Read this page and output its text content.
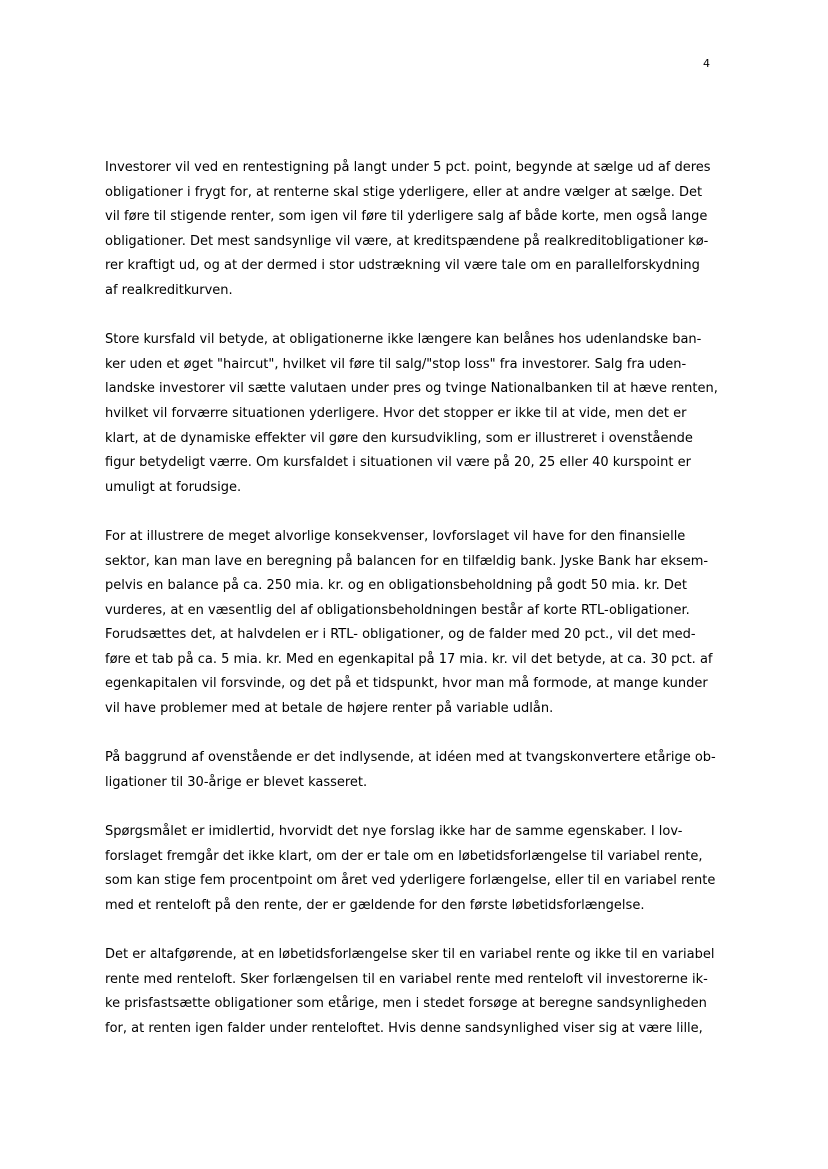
4
Investorer vil ved en rentestigning på langt under 5 pct. point, begynde at sælge ud af deres
obligationer i frygt for, at renterne skal stige yderligere, eller at andre vælger at sælge. Det
vil føre til stigende renter, som igen vil føre til yderligere salg af både korte, men også lange
obligationer. Det mest sandsynlige vil være, at kreditspændene på realkreditobligationer kø-
rer kraftigt ud, og at der dermed i stor udstrækning vil være tale om en parallelforskydning
af realkreditkurven.
Store kursfald vil betyde, at obligationerne ikke længere kan belånes hos udenlandske ban-
ker uden et øget "haircut", hvilket vil føre til salg/"stop loss" fra investorer. Salg fra uden-
landske investorer vil sætte valutaen under pres og tvinge Nationalbanken til at hæve renten,
hvilket vil forværre situationen yderligere. Hvor det stopper er ikke til at vide, men det er
klart, at de dynamiske effekter vil gøre den kursudvikling, som er illustreret i ovenstående
figur betydeligt værre. Om kursfaldet i situationen vil være på 20, 25 eller 40 kurspoint er
umuligt at forudsige.
For at illustrere de meget alvorlige konsekvenser, lovforslaget vil have for den finansielle
sektor, kan man lave en beregning på balancen for en tilfældig bank. Jyske Bank har eksem-
pelvis en balance på ca. 250 mia. kr. og en obligationsbeholdning på godt 50 mia. kr. Det
vurderes, at en væsentlig del af obligationsbeholdningen består af korte RTL-obligationer.
Forudsættes det, at halvdelen er i RTL- obligationer, og de falder med 20 pct., vil det med-
føre et tab på ca. 5 mia. kr. Med en egenkapital på 17 mia. kr. vil det betyde, at ca. 30 pct. af
egenkapitalen vil forsvinde, og det på et tidspunkt, hvor man må formode, at mange kunder
vil have problemer med at betale de højere renter på variable udlån.
På baggrund af ovenstående er det indlysende, at idéen med at tvangskonvertere etårige ob-
ligationer til 30-årige er blevet kasseret.
Spørgsmålet er imidlertid, hvorvidt det nye forslag ikke har de samme egenskaber. I lov-
forslaget fremgår det ikke klart, om der er tale om en løbetidsforlængelse til variabel rente,
som kan stige fem procentpoint om året ved yderligere forlængelse, eller til en variabel rente
med et renteloft på den rente, der er gældende for den første løbetidsforlængelse.
Det er altafgørende, at en løbetidsforlængelse sker til en variabel rente og ikke til en variabel
rente med renteloft. Sker forlængelsen til en variabel rente med renteloft vil investorerne ik-
ke prisfastsætte obligationer som etårige, men i stedet forsøge at beregne sandsynligheden
for, at renten igen falder under renteloftet. Hvis denne sandsynlighed viser sig at være lille,
